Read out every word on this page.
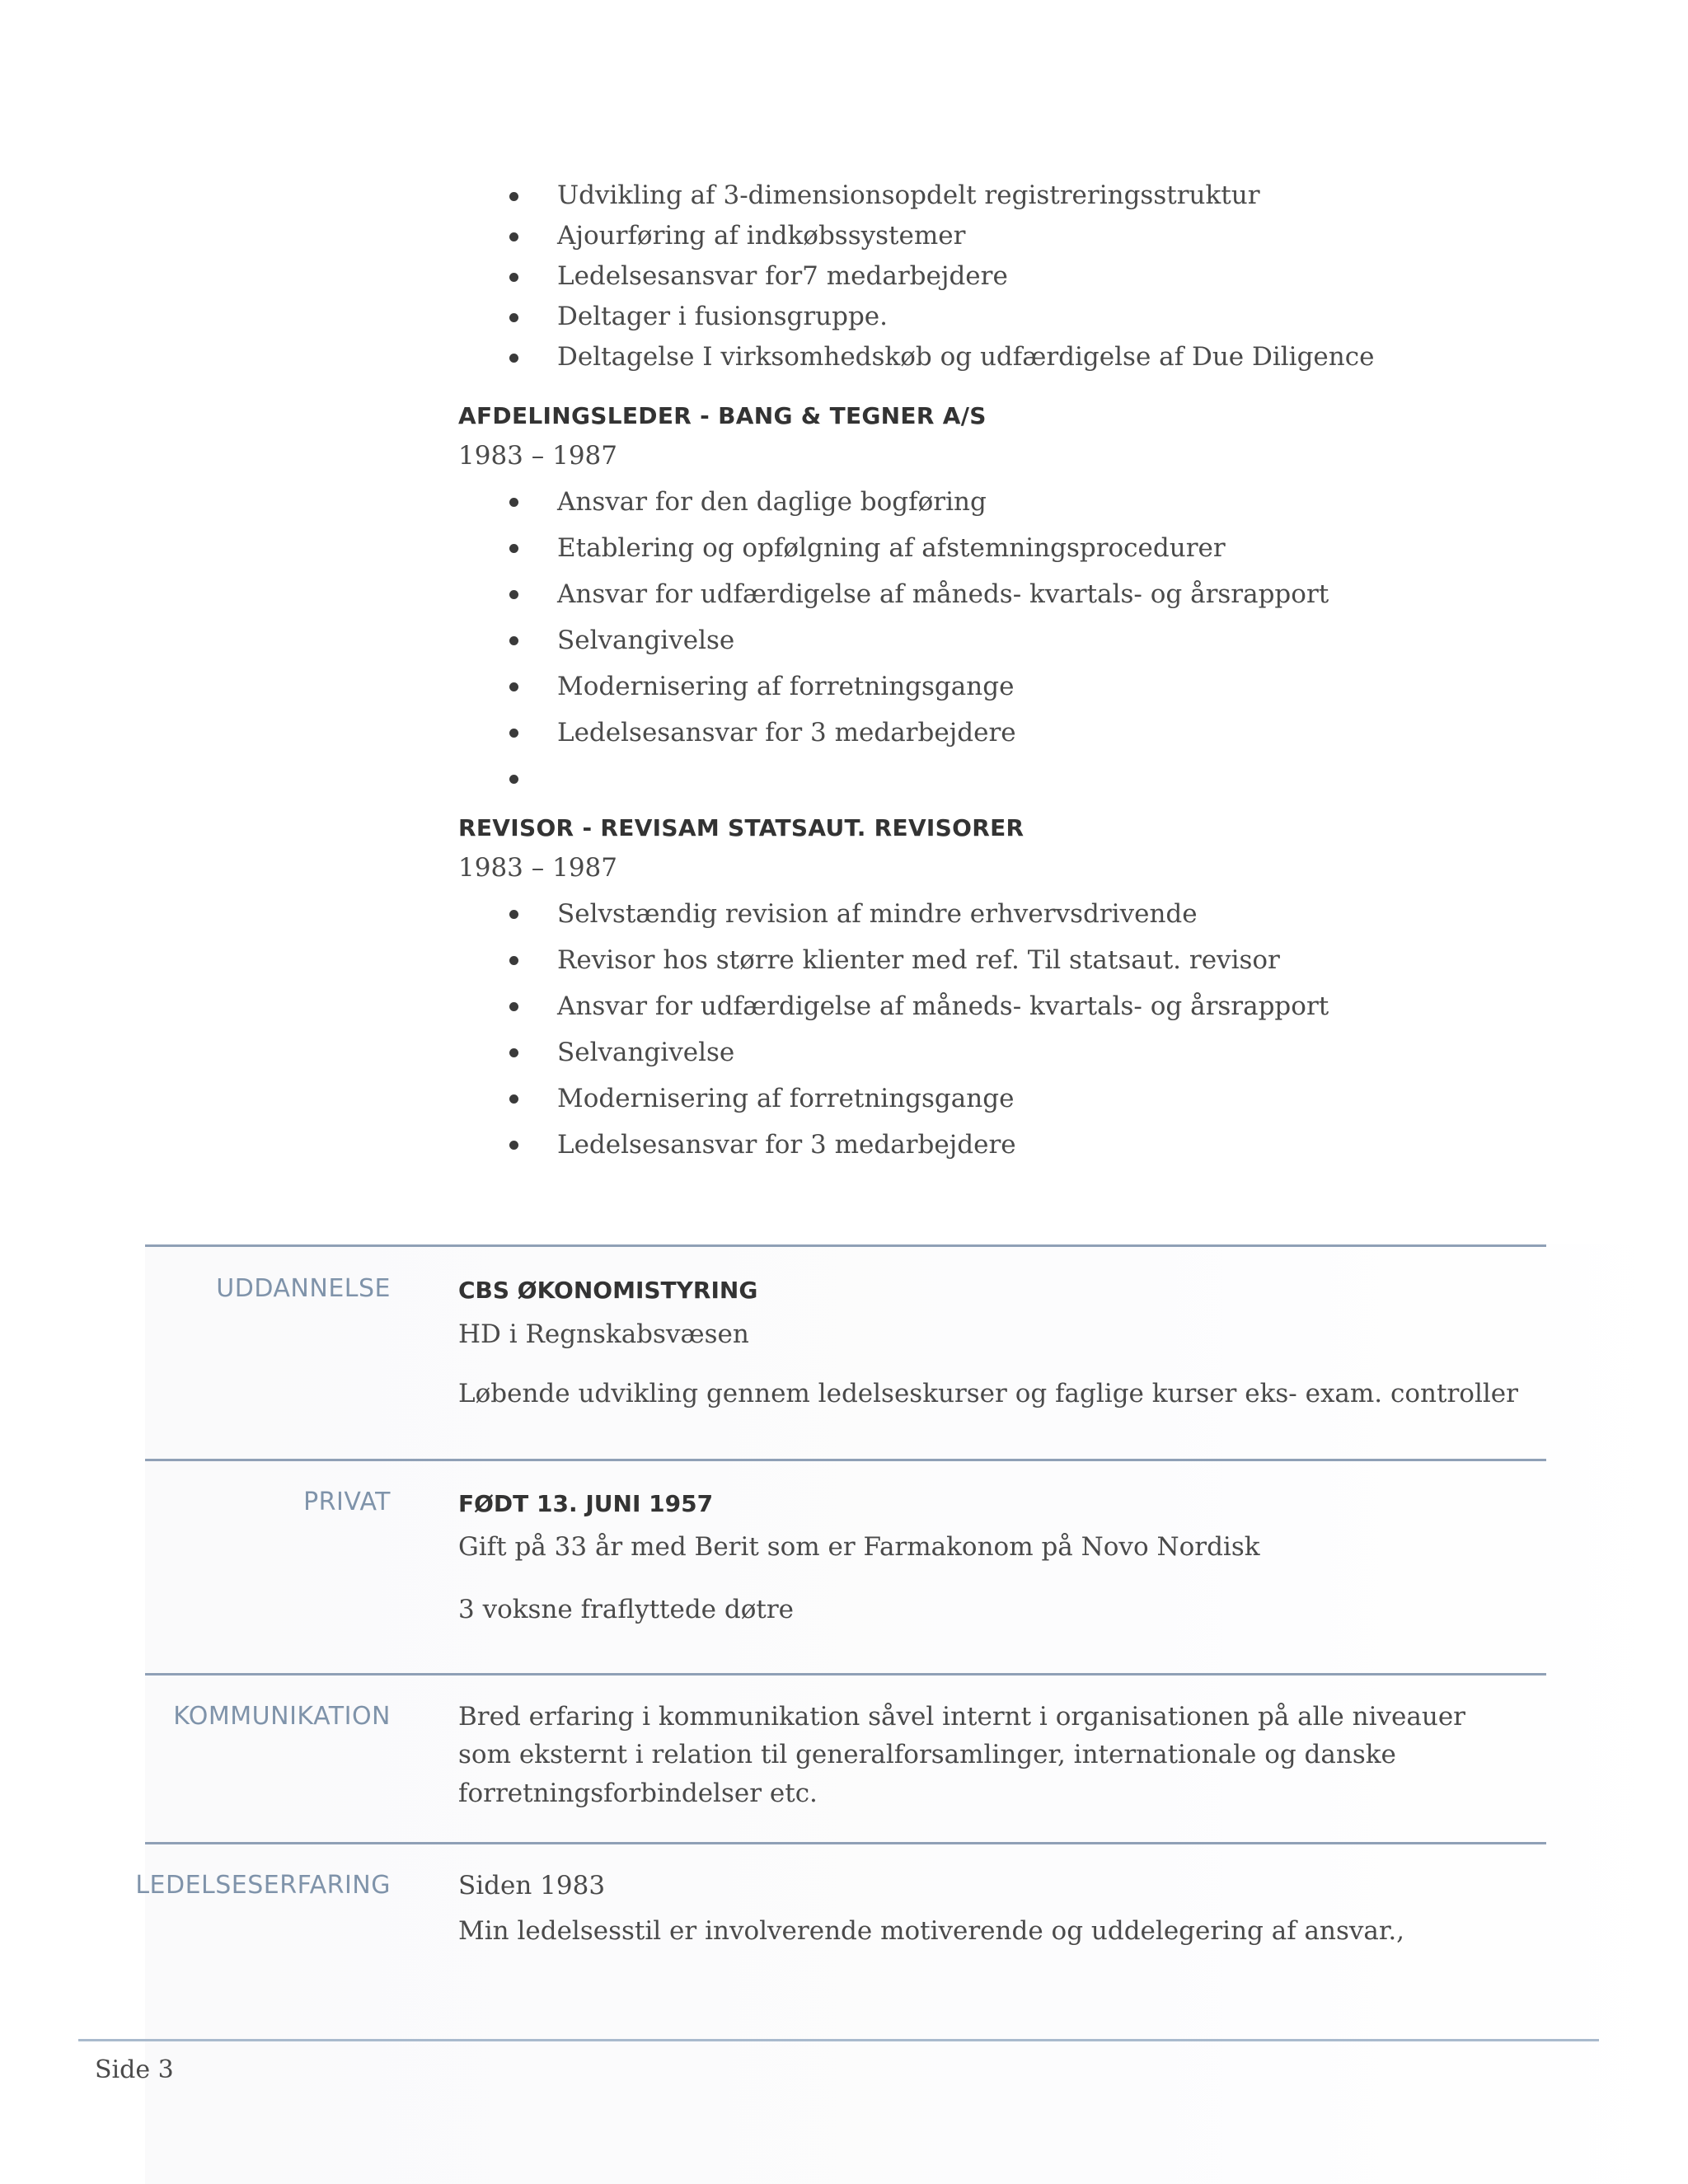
Udvikling af 3-dimensionsopdelt registreringsstruktur
Ajourføring af indkøbssystemer
Ledelsesansvar for7 medarbejdere
Deltager i fusionsgruppe.
Deltagelse I virksomhedskøb og udfærdigelse af Due Diligence
AFDELINGSLEDER - BANG & TEGNER A/S
1983 – 1987
Ansvar for den daglige bogføring
Etablering og opfølgning af afstemningsprocedurer
Ansvar for udfærdigelse af måneds- kvartals- og årsrapport
Selvangivelse
Modernisering af forretningsgange
Ledelsesansvar for 3 medarbejdere
REVISOR - REVISAM STATSAUT. REVISORER
1983 – 1987
Selvstændig revision af mindre erhvervsdrivende
Revisor hos større klienter med ref. Til statsaut. revisor
Ansvar for udfærdigelse af måneds- kvartals- og årsrapport
Selvangivelse
Modernisering af forretningsgange
Ledelsesansvar for 3 medarbejdere
UDDANNELSE	CBS ØKONOMISTYRING
HD i Regnskabsvæsen
Løbende udvikling gennem ledelseskurser og faglige kurser eks- exam. controller
PRIVAT	FØDT 13. JUNI 1957
Gift på 33 år med Berit som er Farmakonom på Novo Nordisk
3 voksne fraflyttede døtre
KOMMUNIKATION	Bred erfaring i kommunikation såvel internt i organisationen på alle niveauer
som eksternt i relation til generalforsamlinger, internationale og danske
forretningsforbindelser etc.
LEDELSESERFARING	Siden 1983
Min ledelsesstil er involverende motiverende og uddelegering af ansvar.,
Side 3
